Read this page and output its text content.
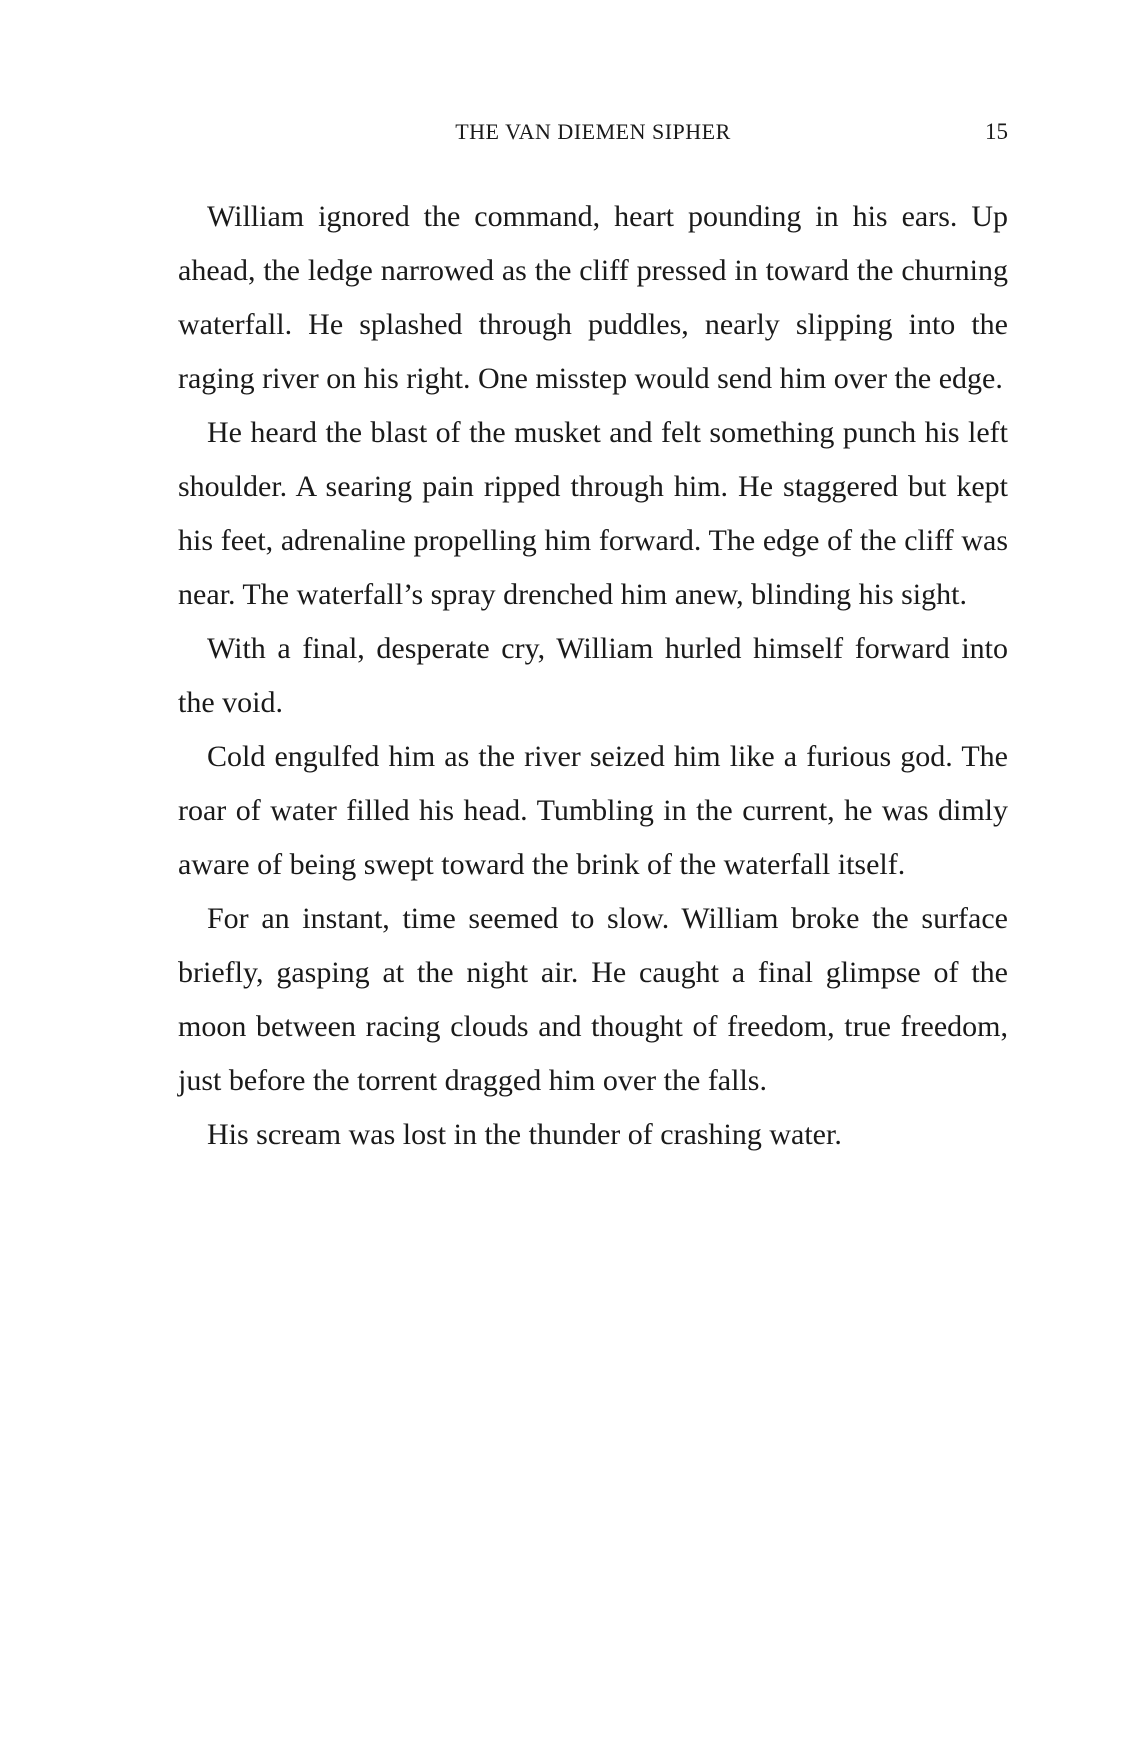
THE VAN DIEMEN SIPHER	15

William ignored the command, heart pounding in his ears. Up ahead, the ledge narrowed as the cliff pressed in toward the churning waterfall. He splashed through puddles, nearly slipping into the raging river on his right. One misstep would send him over the edge.

He heard the blast of the musket and felt something punch his left shoulder. A searing pain ripped through him. He staggered but kept his feet, adrenaline propelling him forward. The edge of the cliff was near. The waterfall’s spray drenched him anew, blinding his sight.

With a final, desperate cry, William hurled himself forward into the void.

Cold engulfed him as the river seized him like a furious god. The roar of water filled his head. Tumbling in the current, he was dimly aware of being swept toward the brink of the waterfall itself.

For an instant, time seemed to slow. William broke the surface briefly, gasping at the night air. He caught a final glimpse of the moon between racing clouds and thought of freedom, true freedom, just before the torrent dragged him over the falls.

His scream was lost in the thunder of crashing water.
